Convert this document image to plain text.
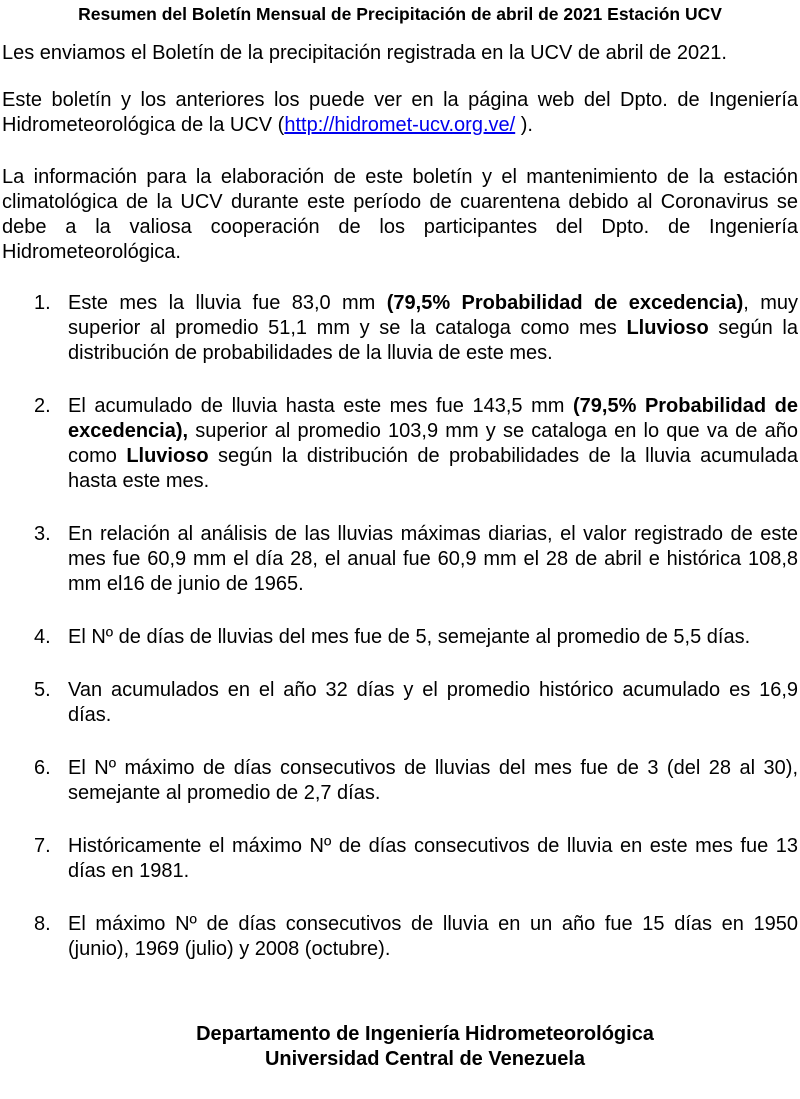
Resumen del Boletín Mensual de Precipitación de abril de 2021 Estación UCV

Les enviamos el Boletín de la precipitación registrada en la UCV de abril de 2021.

Este boletín y los anteriores los puede ver en la página web del Dpto. de Ingeniería Hidrometeorológica de la UCV (http://hidromet-ucv.org.ve/ ).

La información para la elaboración de este boletín y el mantenimiento de la estación climatológica de la UCV durante este período de cuarentena debido al Coronavirus se debe a la valiosa cooperación de los participantes del Dpto. de Ingeniería Hidrometeorológica.

1. Este mes la lluvia fue 83,0 mm (79,5% Probabilidad de excedencia), muy superior al promedio 51,1 mm y se la cataloga como mes Lluvioso según la distribución de probabilidades de la lluvia de este mes.
2. El acumulado de lluvia hasta este mes fue 143,5 mm (79,5% Probabilidad de excedencia), superior al promedio 103,9 mm y se cataloga en lo que va de año como Lluvioso según la distribución de probabilidades de la lluvia acumulada hasta este mes.
3. En relación al análisis de las lluvias máximas diarias, el valor registrado de este mes fue 60,9 mm el día 28, el anual fue 60,9 mm el 28 de abril e histórica 108,8 mm el16 de junio de 1965.
4. El Nº de días de lluvias del mes fue de 5, semejante al promedio de 5,5 días.
5. Van acumulados en el año 32 días y el promedio histórico acumulado es 16,9 días.
6. El Nº máximo de días consecutivos de lluvias del mes fue de 3 (del 28 al 30), semejante al promedio de 2,7 días.
7. Históricamente el máximo Nº de días consecutivos de lluvia en este mes fue 13 días en 1981.
8. El máximo Nº de días consecutivos de lluvia en un año fue 15 días en 1950 (junio), 1969 (julio) y 2008 (octubre).
Departamento de Ingeniería Hidrometeorológica
Universidad Central de Venezuela
